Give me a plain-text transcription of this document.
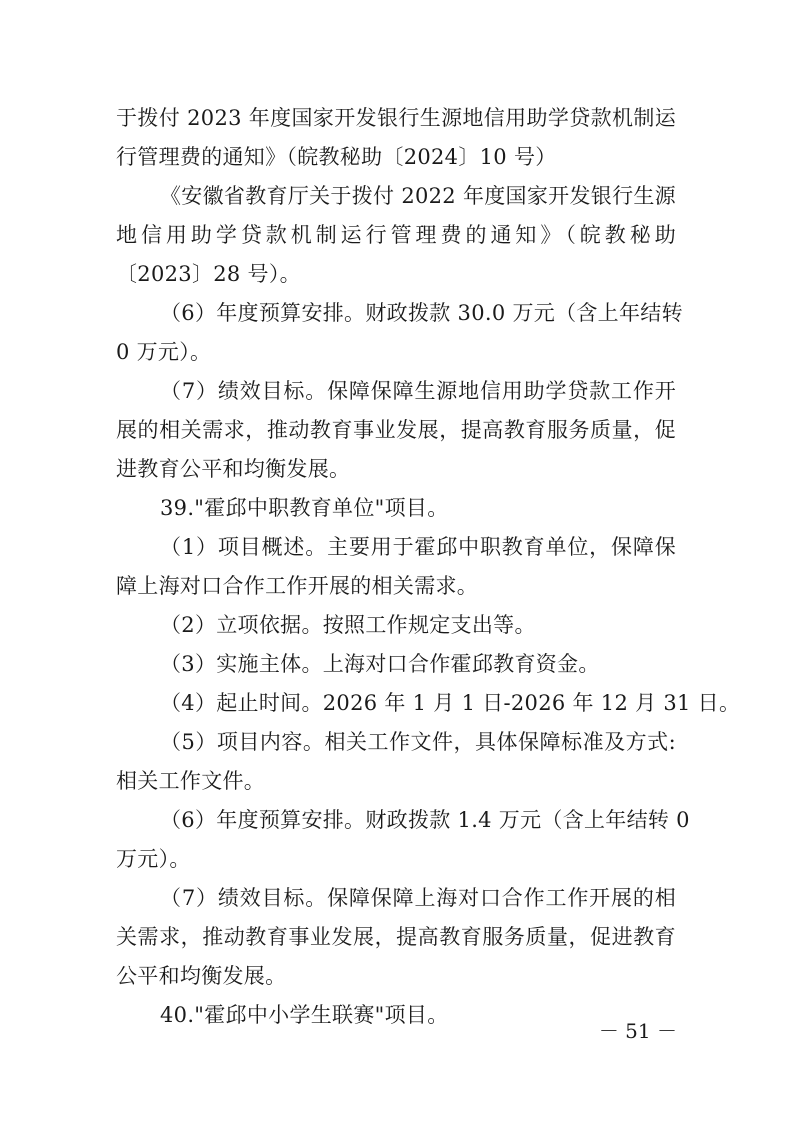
于拨付 2023 年度国家开发银行生源地信用助学贷款机制运
行管理费的通知》（皖教秘助〔2024〕10 号）
《安徽省教育厅关于拨付 2022 年度国家开发银行生源
地信用助学贷款机制运行管理费的通知》（皖教秘助
〔2023〕28 号）。
（6）年度预算安排。财政拨款 30.0 万元（含上年结转
0 万元）。
（7）绩效目标。保障保障生源地信用助学贷款工作开
展的相关需求，推动教育事业发展，提高教育服务质量，促
进教育公平和均衡发展。
39."霍邱中职教育单位"项目。
（1）项目概述。主要用于霍邱中职教育单位，保障保
障上海对口合作工作开展的相关需求。
（2）立项依据。按照工作规定支出等。
（3）实施主体。上海对口合作霍邱教育资金。
（4）起止时间。2026 年 1 月 1 日-2026 年 12 月 31 日。
（5）项目内容。相关工作文件，具体保障标准及方式:
相关工作文件。
（6）年度预算安排。财政拨款 1.4 万元（含上年结转 0
万元）。
（7）绩效目标。保障保障上海对口合作工作开展的相
关需求，推动教育事业发展，提高教育服务质量，促进教育
公平和均衡发展。
40."霍邱中小学生联赛"项目。
－ 51 －
